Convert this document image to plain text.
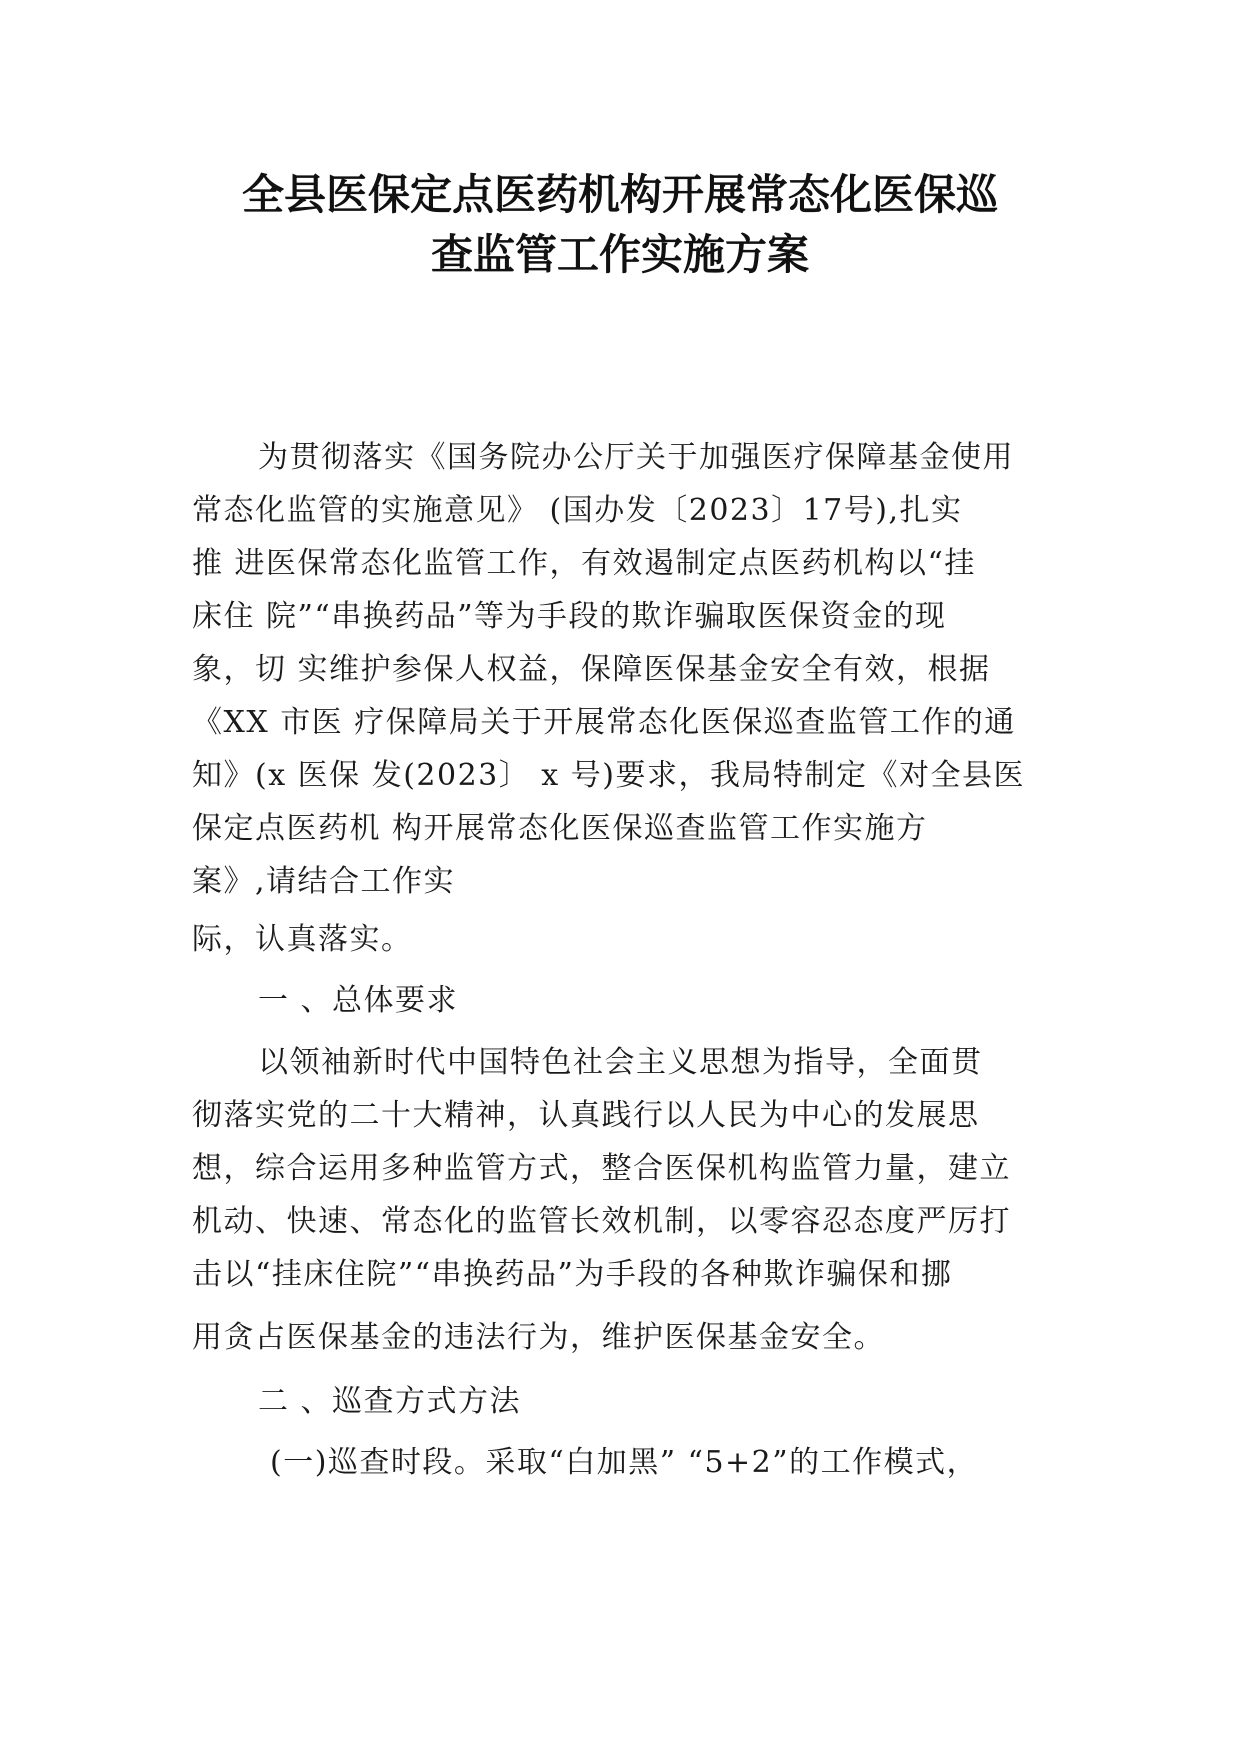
全县医保定点医药机构开展常态化医保巡
查监管工作实施方案

为贯彻落实《国务院办公厅关于加强医疗保障基金使用

常态化监管的实施意见》 (国办发〔2023〕17号),扎实

推 进医保常态化监管工作，有效遏制定点医药机构以“挂

床住 院”“串换药品”等为手段的欺诈骗取医保资金的现

象，切 实维护参保人权益，保障医保基金安全有效，根据

《XX 市医 疗保障局关于开展常态化医保巡查监管工作的通

知》(x 医保 发(2023〕 x 号)要求，我局特制定《对全县医

保定点医药机 构开展常态化医保巡查监管工作实施方

案》,请结合工作实

际，认真落实。

一 、总体要求

以领袖新时代中国特色社会主义思想为指导，全面贯

彻落实党的二十大精神，认真践行以人民为中心的发展思

想，综合运用多种监管方式，整合医保机构监管力量，建立

机动、快速、常态化的监管长效机制，以零容忍态度严厉打

击以“挂床住院”“串换药品”为手段的各种欺诈骗保和挪

用贪占医保基金的违法行为，维护医保基金安全。

二 、巡查方式方法

(一)巡查时段。采取“白加黑” “5+2”的工作模式，
